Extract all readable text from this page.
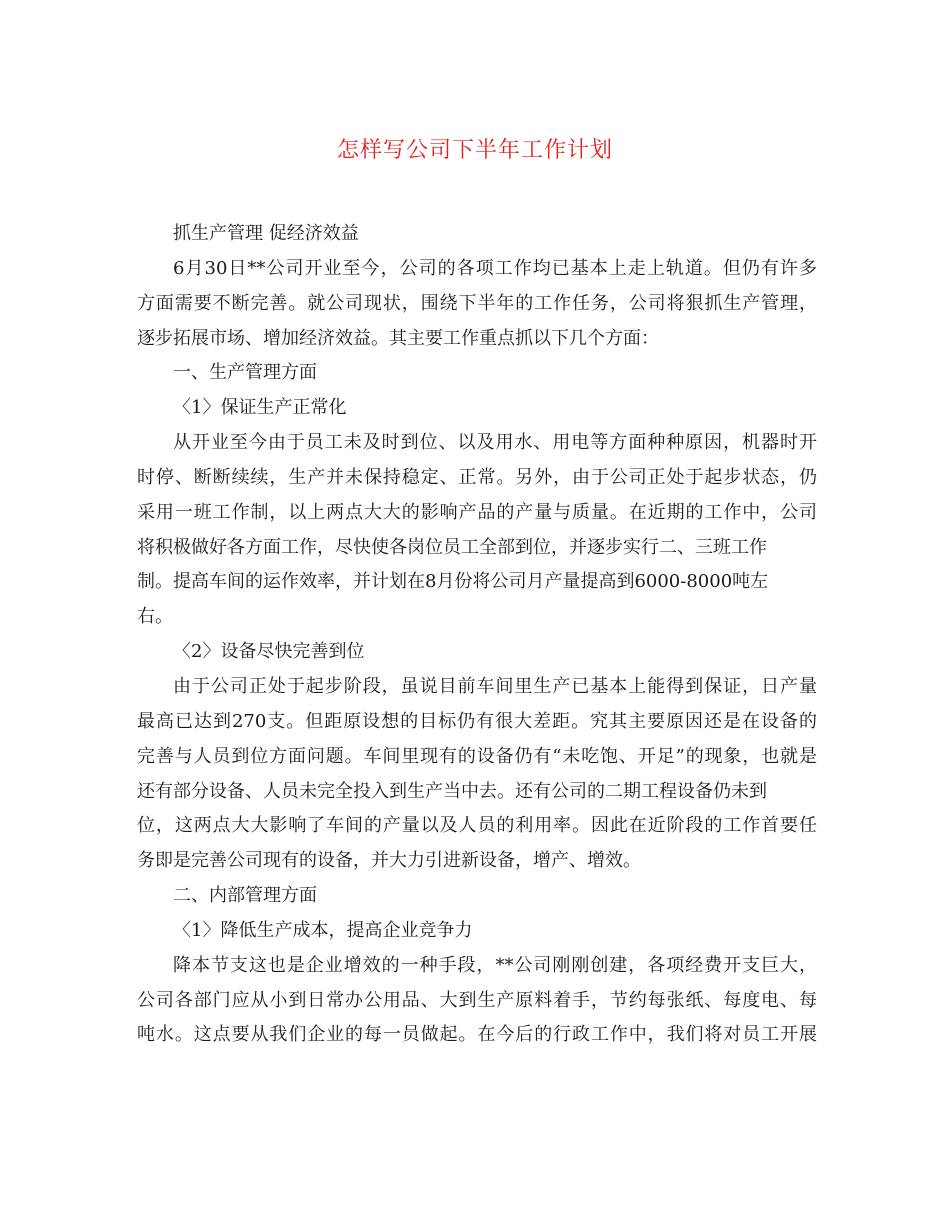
怎样写公司下半年工作计划
抓生产管理 促经济效益
6月30日**公司开业至今，公司的各项工作均已基本上走上轨道。但仍有许多
方面需要不断完善。就公司现状，围绕下半年的工作任务，公司将狠抓生产管理，
逐步拓展市场、增加经济效益。其主要工作重点抓以下几个方面：
一、生产管理方面
〈1〉保证生产正常化
从开业至今由于员工未及时到位、以及用水、用电等方面种种原因，机器时开
时停、断断续续，生产并未保持稳定、正常。另外，由于公司正处于起步状态，仍
采用一班工作制，以上两点大大的影响产品的产量与质量。在近期的工作中，公司
将积极做好各方面工作，尽快使各岗位员工全部到位，并逐步实行二、三班工作
制。提高车间的运作效率，并计划在8月份将公司月产量提高到6000-8000吨左
右。
〈2〉设备尽快完善到位
由于公司正处于起步阶段，虽说目前车间里生产已基本上能得到保证，日产量
最高已达到270支。但距原设想的目标仍有很大差距。究其主要原因还是在设备的
完善与人员到位方面问题。车间里现有的设备仍有“未吃饱、开足”的现象，也就是
还有部分设备、人员未完全投入到生产当中去。还有公司的二期工程设备仍未到
位，这两点大大影响了车间的产量以及人员的利用率。因此在近阶段的工作首要任
务即是完善公司现有的设备，并大力引进新设备，增产、增效。
二、内部管理方面
〈1〉降低生产成本，提高企业竞争力
降本节支这也是企业增效的一种手段，**公司刚刚创建，各项经费开支巨大，
公司各部门应从小到日常办公用品、大到生产原料着手，节约每张纸、每度电、每
吨水。这点要从我们企业的每一员做起。在今后的行政工作中，我们将对员工开展
